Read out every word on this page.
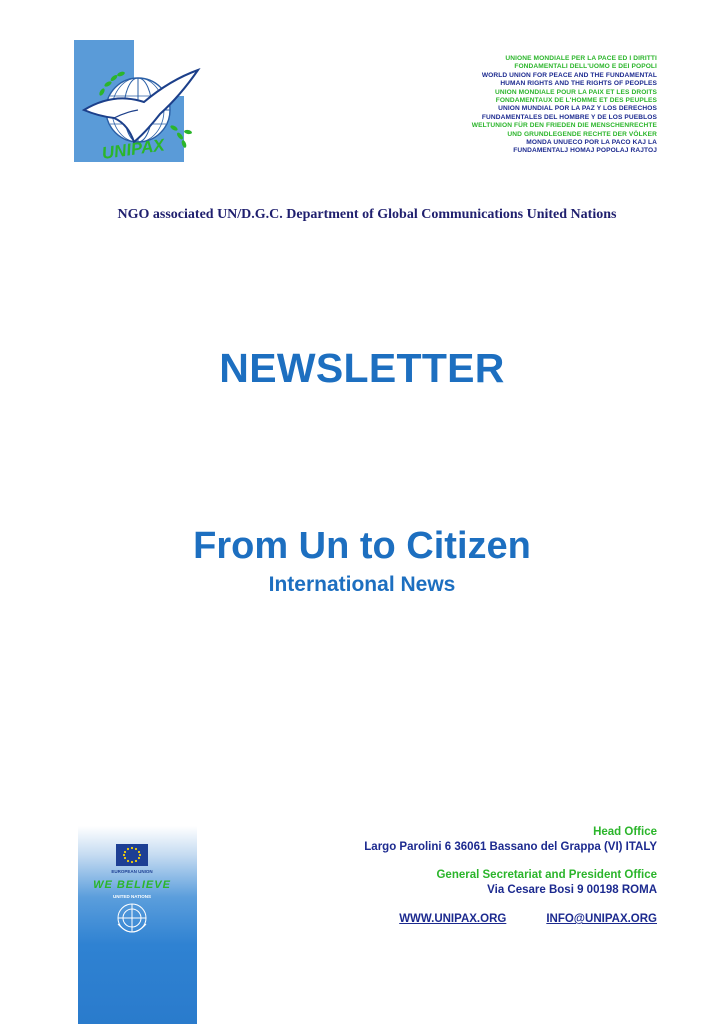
UNIPAX
UNIONE MONDIALE PER LA PACE ED I DIRITTI
FONDAMENTALI DELL'UOMO E DEI POPOLI
WORLD UNION FOR PEACE AND THE FUNDAMENTAL
HUMAN RIGHTS AND THE RIGHTS OF PEOPLES
UNION MONDIALE POUR LA PAIX ET LES DROITS
FONDAMENTAUX DE L'HOMME ET DES PEUPLES
UNION MUNDIAL POR LA PAZ Y LOS DERECHOS
FUNDAMENTALES DEL HOMBRE Y DE LOS PUEBLOS
WELTUNION FÜR DEN FRIEDEN DIE MENSCHENRECHTE
UND GRUNDLEGENDE RECHTE DER VÖLKER
MONDA UNUECO POR LA PACO KAJ LA
FUNDAMENTALJ HOMAJ POPOLAJ RAJTOJ
NGO associated UN/D.G.C. Department of Global Communications United Nations
NEWSLETTER
From Un to Citizen
International News
EUROPEAN UNION
WE BELIEVE
UNITED NATIONS
Head Office
Largo Parolini 6 36061 Bassano del Grappa (VI) ITALY
General Secretariat and President Office
Via Cesare Bosi 9 00198 ROMA
WWW.UNIPAX.ORG	INFO@UNIPAX.ORG
